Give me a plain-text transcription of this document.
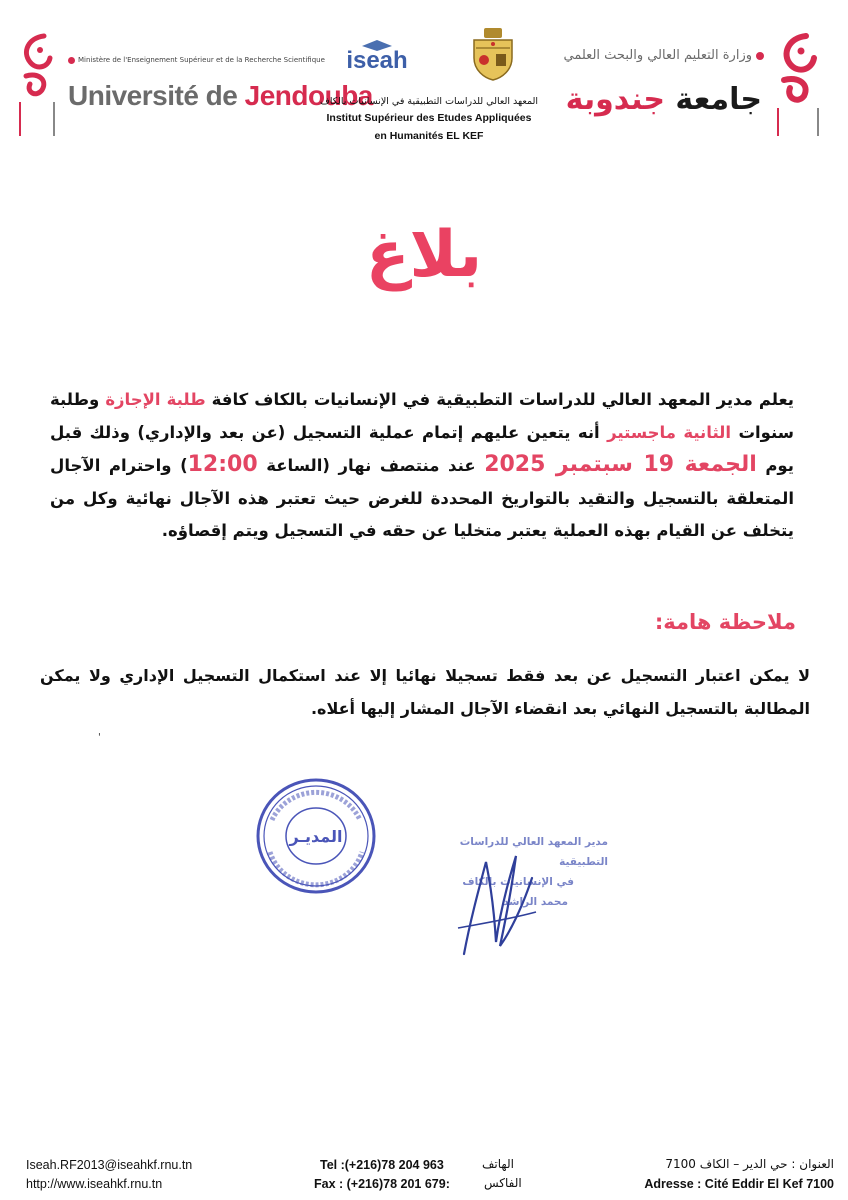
Ministère de l'Enseignement Supérieur et de la Recherche Scientifique
Université de Jendouba
iseah
المعهد العالي للدراسات التطبيقية في الإنسانيات بالكاف
Institut Supérieur des Etudes Appliquées
en Humanités EL KEF
وزارة التعليم العالي والبحث العلمي
جامعة جندوبة
بلاغ
يعلم مدير المعهد العالي للدراسات التطبيقية في الإنسانيات بالكاف كافة طلبة الإجازة وطلبة سنوات الثانية ماجستير أنه يتعين عليهم إتمام عملية التسجيل (عن بعد والإداري) وذلك قبل يوم الجمعة 19 سبتمبر 2025 عند منتصف نهار (الساعة 12:00) واحترام الآجال المتعلقة بالتسجيل والتقيد بالتواريخ المحددة للغرض حيث تعتبر هذه الآجال نهائية وكل من يتخلف عن القيام بهذه العملية يعتبر متخليا عن حقه في التسجيل ويتم إقصاؤه.
ملاحظة هامة:
لا يمكن اعتبار التسجيل عن بعد فقط تسجيلا نهائيا إلا عند استكمال التسجيل الإداري ولا يمكن المطالبة بالتسجيل النهائي بعد انقضاء الآجال المشار إليها أعلاه.
'
المديـر	مدير المعهد العالي للدراسات التطبيقية
في الإنسانيات بالكاف
محمد الراشد
Iseah.RF2013@iseahkf.rnu.tn
http://www.iseahkf.rnu.tn
Tel :(+216)78 204 963
Fax : (+216)78 201 679:
الهاتف
الفاكس
العنوان : حي الدير – الكاف 7100
Adresse : Cité Eddir El Kef 7100
